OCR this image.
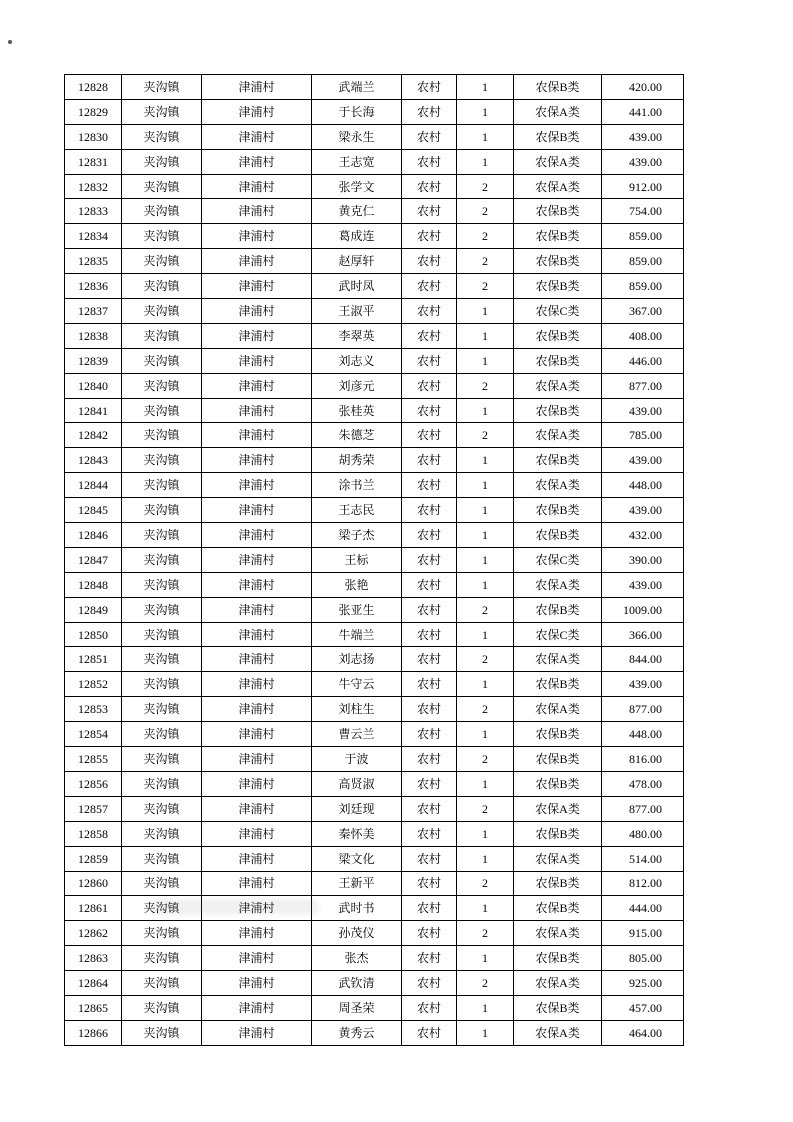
12828	夹沟镇	津浦村	武端兰	农村	1	农保B类	420.00
12829	夹沟镇	津浦村	于长海	农村	1	农保A类	441.00
12830	夹沟镇	津浦村	梁永生	农村	1	农保B类	439.00
12831	夹沟镇	津浦村	王志宽	农村	1	农保A类	439.00
12832	夹沟镇	津浦村	张学文	农村	2	农保A类	912.00
12833	夹沟镇	津浦村	黄克仁	农村	2	农保B类	754.00
12834	夹沟镇	津浦村	葛成连	农村	2	农保B类	859.00
12835	夹沟镇	津浦村	赵厚轩	农村	2	农保B类	859.00
12836	夹沟镇	津浦村	武时凤	农村	2	农保B类	859.00
12837	夹沟镇	津浦村	王淑平	农村	1	农保C类	367.00
12838	夹沟镇	津浦村	李翠英	农村	1	农保B类	408.00
12839	夹沟镇	津浦村	刘志义	农村	1	农保B类	446.00
12840	夹沟镇	津浦村	刘彦元	农村	2	农保A类	877.00
12841	夹沟镇	津浦村	张桂英	农村	1	农保B类	439.00
12842	夹沟镇	津浦村	朱德芝	农村	2	农保A类	785.00
12843	夹沟镇	津浦村	胡秀荣	农村	1	农保B类	439.00
12844	夹沟镇	津浦村	涂书兰	农村	1	农保A类	448.00
12845	夹沟镇	津浦村	王志民	农村	1	农保B类	439.00
12846	夹沟镇	津浦村	梁子杰	农村	1	农保B类	432.00
12847	夹沟镇	津浦村	王标	农村	1	农保C类	390.00
12848	夹沟镇	津浦村	张艳	农村	1	农保A类	439.00
12849	夹沟镇	津浦村	张亚生	农村	2	农保B类	1009.00
12850	夹沟镇	津浦村	牛端兰	农村	1	农保C类	366.00
12851	夹沟镇	津浦村	刘志扬	农村	2	农保A类	844.00
12852	夹沟镇	津浦村	牛守云	农村	1	农保B类	439.00
12853	夹沟镇	津浦村	刘柱生	农村	2	农保A类	877.00
12854	夹沟镇	津浦村	曹云兰	农村	1	农保B类	448.00
12855	夹沟镇	津浦村	于波	农村	2	农保B类	816.00
12856	夹沟镇	津浦村	高贤淑	农村	1	农保B类	478.00
12857	夹沟镇	津浦村	刘廷现	农村	2	农保A类	877.00
12858	夹沟镇	津浦村	秦怀美	农村	1	农保B类	480.00
12859	夹沟镇	津浦村	梁文化	农村	1	农保A类	514.00
12860	夹沟镇	津浦村	王新平	农村	2	农保B类	812.00
12861	夹沟镇	津浦村	武时书	农村	1	农保B类	444.00
12862	夹沟镇	津浦村	孙茂仪	农村	2	农保A类	915.00
12863	夹沟镇	津浦村	张杰	农村	1	农保B类	805.00
12864	夹沟镇	津浦村	武钦清	农村	2	农保A类	925.00
12865	夹沟镇	津浦村	周圣荣	农村	1	农保B类	457.00
12866	夹沟镇	津浦村	黄秀云	农村	1	农保A类	464.00
